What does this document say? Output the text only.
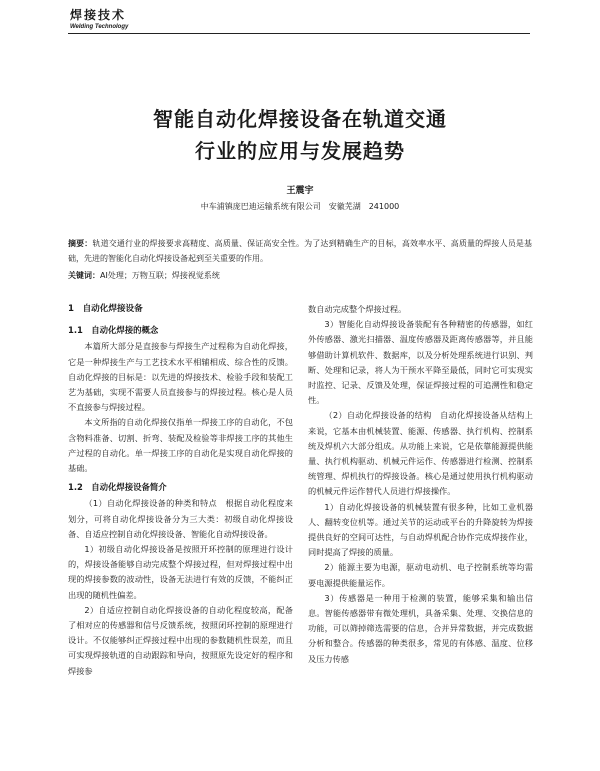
焊接技术
Welding Technology
智能自动化焊接设备在轨道交通
行业的应用与发展趋势
王震宇
中车浦镇庞巴迪运输系统有限公司　安徽芜湖　241000
摘要：轨道交通行业的焊接要求高精度、高质量、保证高安全性。为了达到精确生产的目标，高效率水平、高质量的焊接人员是基础，先进的智能化自动化焊接设备起到至关重要的作用。
关键词：AI处理；万物互联；焊接视觉系统
1　自动化焊接设备
1.1　自动化焊接的概念

本篇所大部分是直接参与焊接生产过程称为自动化焊接，它是一种焊接生产与工艺技术水平相辅相成、综合性的反馈。自动化焊接的目标是：以先进的焊接技术、检验手段和装配工艺为基础，实现不需要人员直接参与的焊接过程。核心是人员不直接参与焊接过程。

本文所指的自动化焊接仅指单一焊接工序的自动化，不包含物料准备、切割、折弯、装配及检验等非焊接工序的其他生产过程的自动化。单一焊接工序的自动化是实现自动化焊接的基础。

1.2　自动化焊接设备简介

（1）自动化焊接设备的种类和特点　根据自动化程度来划分，可将自动化焊接设备分为三大类：初级自动化焊接设备、自适应控制自动化焊接设备、智能化自动焊接设备。

1）初级自动化焊接设备是按照开环控制的原理进行设计的，焊接设备能够自动完成整个焊接过程，但对焊接过程中出现的焊接参数的波动性，设备无法进行有效的反馈，不能纠正出现的随机性偏差。

2）自适应控制自动化焊接设备的自动化程度较高，配备了相对应的传感器和信号反馈系统，按照闭环控制的原理进行设计。不仅能够纠正焊接过程中出现的参数随机性误差，而且可实现焊接轨道的自动跟踪和导向，按照原先设定好的程序和焊接参

数自动完成整个焊接过程。

3）智能化自动焊接设备装配有各种精密的传感器，如红外传感器、激光扫描器、温度传感器及距离传感器等，并且能够借助计算机软件、数据库，以及分析处理系统进行识别、判断、处理和记录，将人为干预水平降至最低，同时它可实现实时监控、记录、反馈及处理，保证焊接过程的可追溯性和稳定性。

（2）自动化焊接设备的结构　自动化焊接设备从结构上来说，它基本由机械装置、能源、传感器、执行机构、控制系统及焊机六大部分组成。从功能上来说，它是依靠能源提供能量、执行机构驱动、机械元件运作、传感器进行检测、控制系统管理、焊机执行的焊接设备。核心是通过使用执行机构驱动的机械元件运作替代人员进行焊接操作。

1）自动化焊接设备的机械装置有很多种，比如工业机器人、翻转变位机等。通过关节的运动或平台的升降旋转为焊接提供良好的空间可达性，与自动焊机配合协作完成焊接作业，同时提高了焊接的质量。

2）能源主要为电源，驱动电动机、电子控制系统等均需要电源提供能量运作。

3）传感器是一种用于检测的装置，能够采集和输出信息。智能传感器带有微处理机，具备采集、处理、交换信息的功能，可以筛掉筛选需要的信息，合并异常数据，并完成数据分析和整合。传感器的种类很多，常见的有体感、温度、位移及压力传感
